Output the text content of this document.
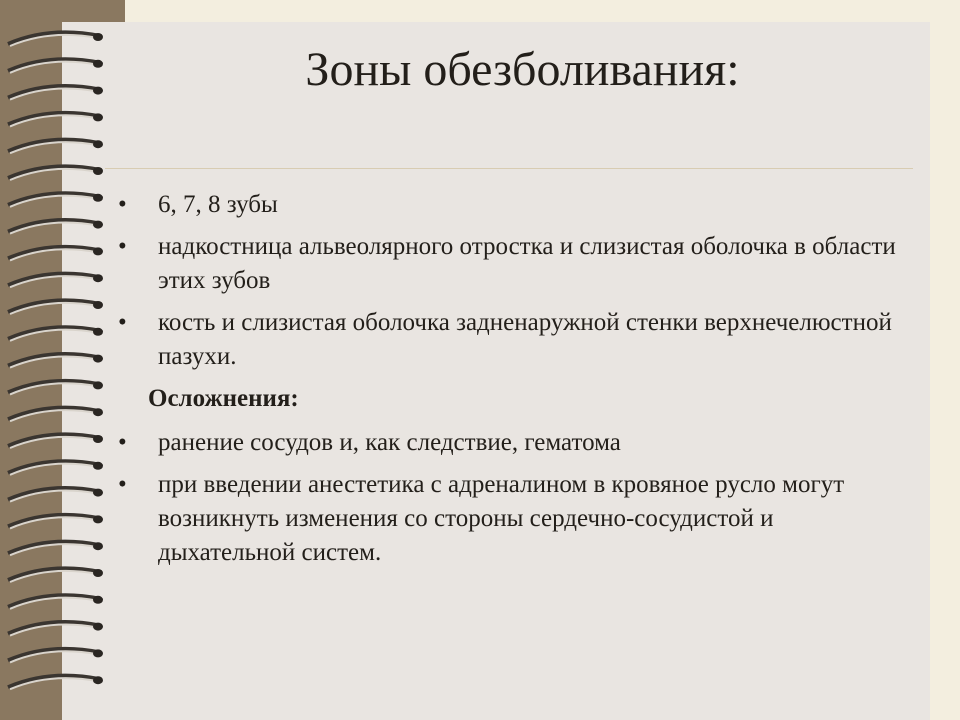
Зоны обезболивания:
•	6, 7, 8 зубы
•	надкостница альвеолярного отростка и слизистая оболочка в области этих зубов
•	кость и слизистая оболочка задненаружной стенки верхнечелюстной пазухи.
Осложнения:
•	ранение сосудов и, как следствие, гематома
•	при введении анестетика с адреналином в кровяное русло могут возникнуть изменения со стороны сердечно-сосудистой и дыхательной систем.
